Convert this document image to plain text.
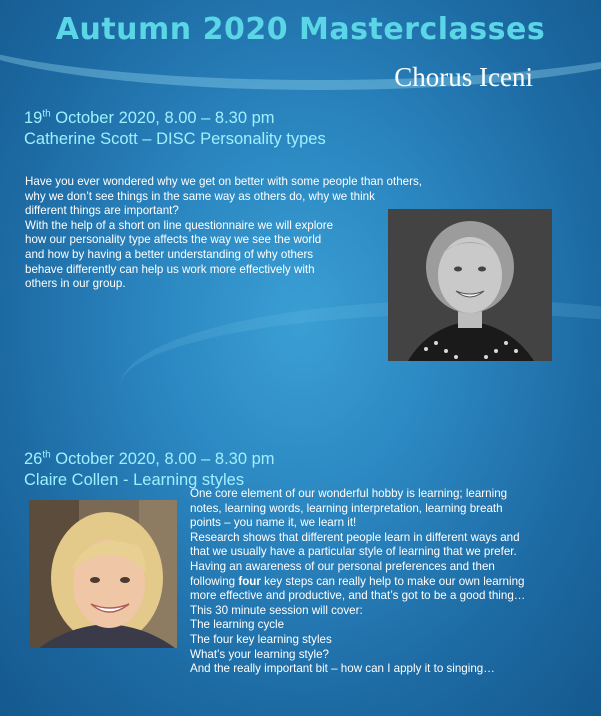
Autumn 2020 Masterclasses
Chorus Iceni
19th October 2020, 8.00 – 8.30 pm
Catherine Scott – DISC Personality types
Have you ever wondered why we get on better with some people than others,
why we don’t see things in the same way as others do, why we think
different things are important?
With the help of a short on line questionnaire we will explore
how our personality type affects the way we see the world
and how by having a better understanding of why others
behave differently can help us work more effectively with
others in our group.
26th October 2020, 8.00 – 8.30 pm
Claire Collen - Learning styles
One core element of our wonderful hobby is learning; learning
notes, learning words, learning interpretation, learning breath
points – you name it, we learn it!
Research shows that different people learn in different ways and
that we usually have a particular style of learning that we prefer.
Having an awareness of our personal preferences and then
following four key steps can really help to make our own learning
more effective and productive, and that’s got to be a good thing…
This 30 minute session will cover:
The learning cycle
The four key learning styles
What’s your learning style?
And the really important bit – how can I apply it to singing…
